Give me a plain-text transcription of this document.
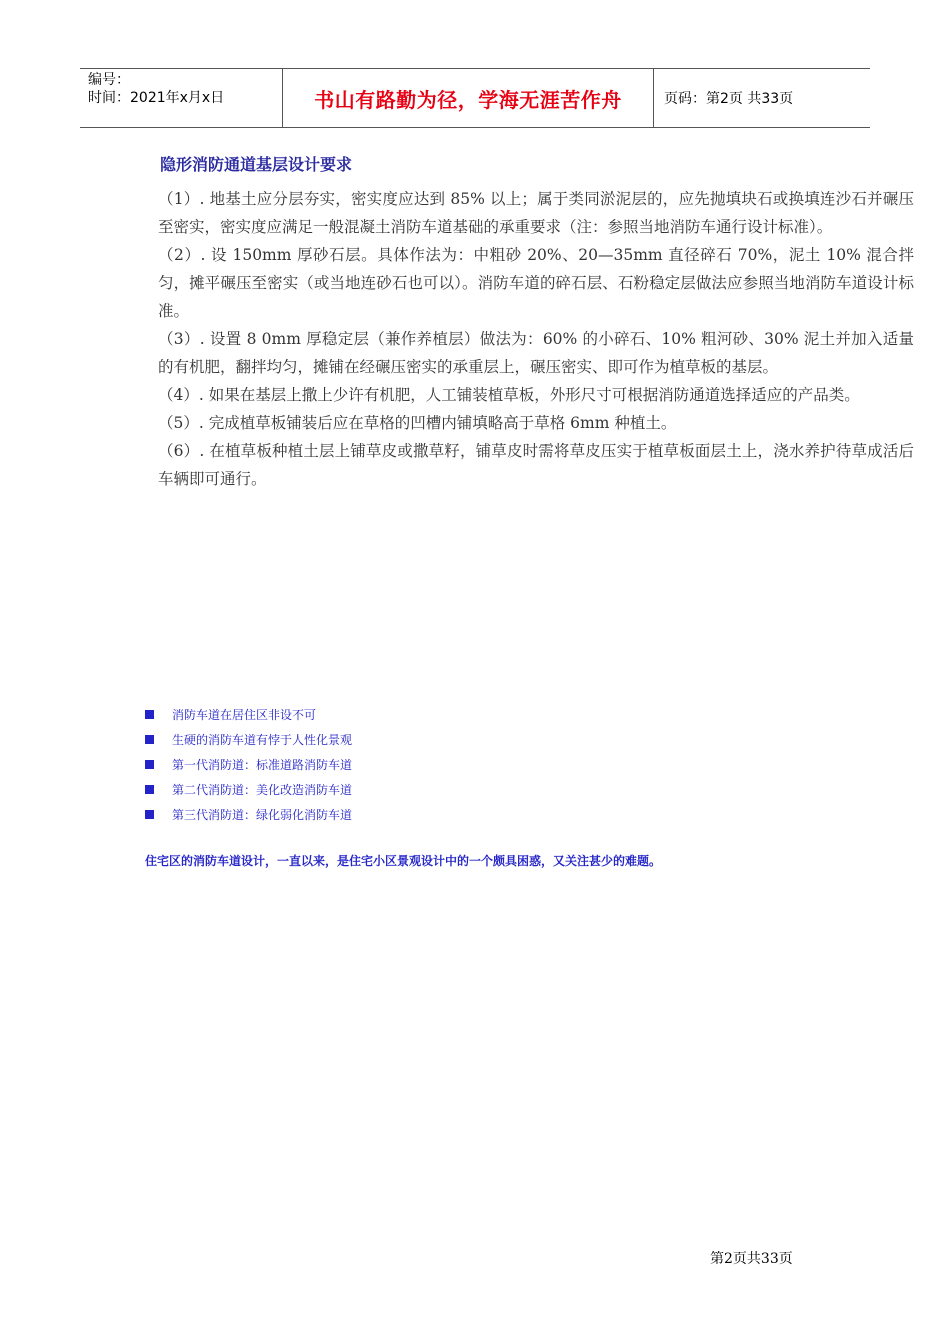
编号：
时间：2021年x月x日	书山有路勤为径，学海无涯苦作舟	页码：第2页 共33页
隐形消防通道基层设计要求

（1）. 地基土应分层夯实，密实度应达到 85% 以上；属于类同淤泥层的，应先抛填块石或换填连沙石并碾压至密实，密实度应满足一般混凝土消防车道基础的承重要求（注：参照当地消防车通行设计标准）。

（2）. 设 150mm 厚砂石层。具体作法为：中粗砂 20%、20—35mm 直径碎石 70%，泥土 10% 混合拌匀，摊平碾压至密实（或当地连砂石也可以）。消防车道的碎石层、石粉稳定层做法应参照当地消防车道设计标准。

（3）. 设置 8 0mm 厚稳定层（兼作养植层）做法为：60% 的小碎石、10% 粗河砂、30% 泥土并加入适量的有机肥，翻拌均匀，摊铺在经碾压密实的承重层上，碾压密实、即可作为植草板的基层。

（4）. 如果在基层上撒上少许有机肥，人工铺装植草板，外形尺寸可根据消防通道选择适应的产品类。

（5）. 完成植草板铺装后应在草格的凹槽内铺填略高于草格 6mm 种植土。

（6）. 在植草板种植土层上铺草皮或撒草籽，铺草皮时需将草皮压实于植草板面层土上，浇水养护待草成活后车辆即可通行。

消防车道在居住区非设不可
生硬的消防车道有悖于人性化景观
第一代消防道：标准道路消防车道
第二代消防道：美化改造消防车道
第三代消防道：绿化弱化消防车道
住宅区的消防车道设计，一直以来，是住宅小区景观设计中的一个颇具困惑，又关注甚少的难题。
第2页共33页
